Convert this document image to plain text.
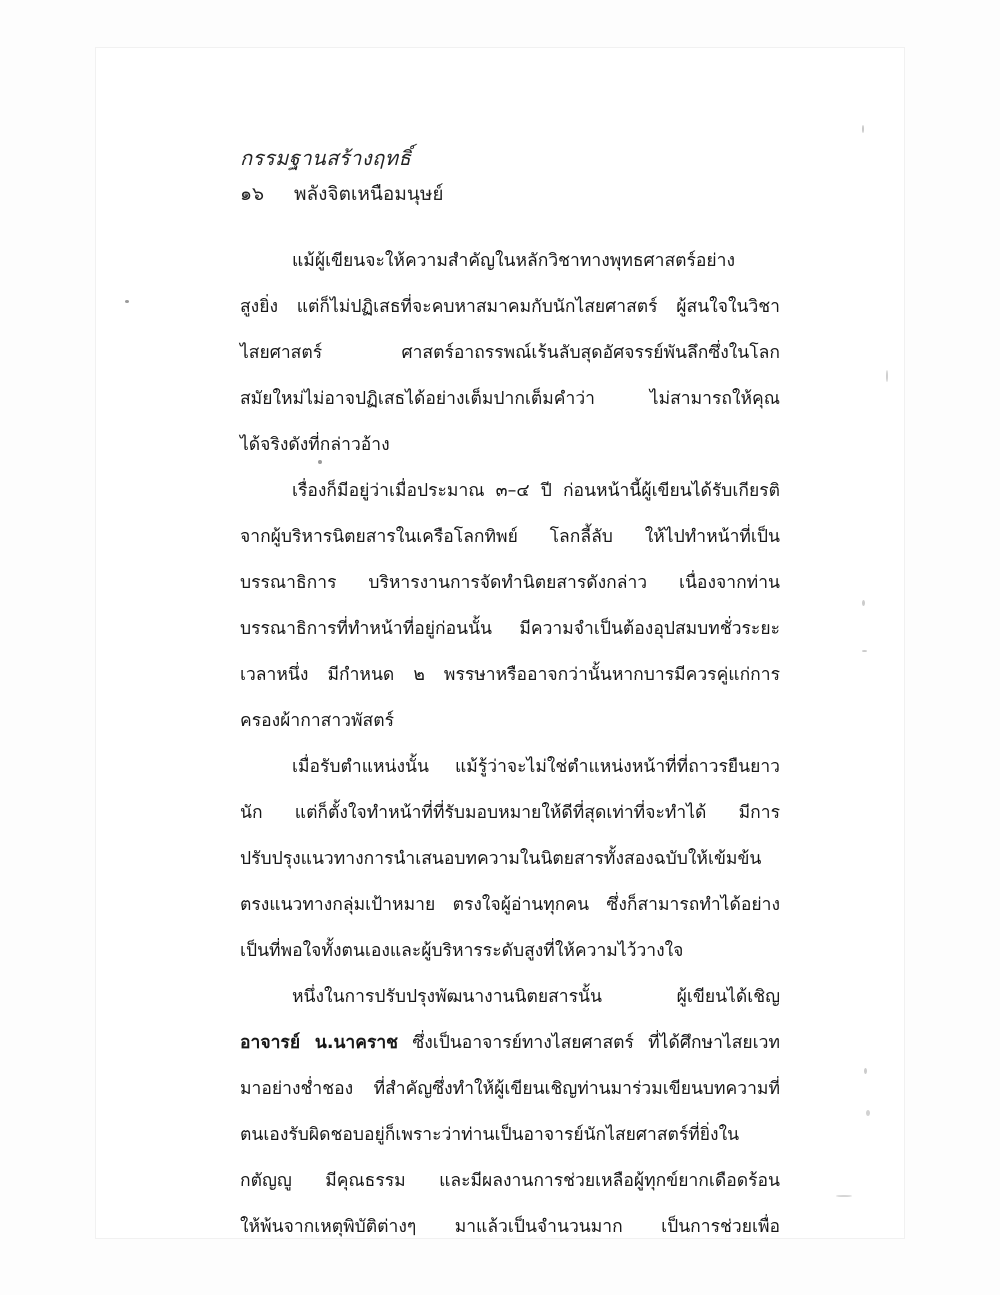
กรรมฐานสร้างฤทธิ์
๑๖	พลังจิตเหนือมนุษย์
แม้ผู้เขียนจะให้ความสำคัญในหลักวิชาทางพุทธศาสตร์อย่าง
สูงยิ่ง แต่ก็ไม่ปฏิเสธที่จะคบหาสมาคมกับนักไสยศาสตร์ ผู้สนใจในวิชา
ไสยศาสตร์ ศาสตร์อาถรรพณ์เร้นลับสุดอัศจรรย์พันลึกซึ่งในโลก
สมัยใหม่ไม่อาจปฏิเสธได้อย่างเต็มปากเต็มคำว่า ไม่สามารถให้คุณ
ได้จริงดังที่กล่าวอ้าง
เรื่องก็มีอยู่ว่าเมื่อประมาณ ๓–๔ ปี ก่อนหน้านี้ผู้เขียนได้รับเกียรติ
จากผู้บริหารนิตยสารในเครือโลกทิพย์ โลกลี้ลับ ให้ไปทำหน้าที่เป็น
บรรณาธิการ บริหารงานการจัดทำนิตยสารดังกล่าว เนื่องจากท่าน
บรรณาธิการที่ทำหน้าที่อยู่ก่อนนั้น มีความจำเป็นต้องอุปสมบทชั่วระยะ
เวลาหนึ่ง มีกำหนด ๒ พรรษาหรืออาจกว่านั้นหากบารมีควรคู่แก่การ
ครองผ้ากาสาวพัสตร์
เมื่อรับตำแหน่งนั้น แม้รู้ว่าจะไม่ใช่ตำแหน่งหน้าที่ที่ถาวรยืนยาว
นัก แต่ก็ตั้งใจทำหน้าที่ที่รับมอบหมายให้ดีที่สุดเท่าที่จะทำได้ มีการ
ปรับปรุงแนวทางการนำเสนอบทความในนิตยสารทั้งสองฉบับให้เข้มข้น
ตรงแนวทางกลุ่มเป้าหมาย ตรงใจผู้อ่านทุกคน ซึ่งก็สามารถทำได้อย่าง
เป็นที่พอใจทั้งตนเองและผู้บริหารระดับสูงที่ให้ความไว้วางใจ
หนึ่งในการปรับปรุงพัฒนางานนิตยสารนั้น ผู้เขียนได้เชิญ
อาจารย์ น.นาคราช ซึ่งเป็นอาจารย์ทางไสยศาสตร์ ที่ได้ศึกษาไสยเวท
มาอย่างช่ำชอง ที่สำคัญซึ่งทำให้ผู้เขียนเชิญท่านมาร่วมเขียนบทความที่
ตนเองรับผิดชอบอยู่ก็เพราะว่าท่านเป็นอาจารย์นักไสยศาสตร์ที่ยิ่งใน
กตัญญู มีคุณธรรม และมีผลงานการช่วยเหลือผู้ทุกข์ยากเดือดร้อน
ให้พ้นจากเหตุพิบัติต่างๆ มาแล้วเป็นจำนวนมาก เป็นการช่วยเพื่อ
